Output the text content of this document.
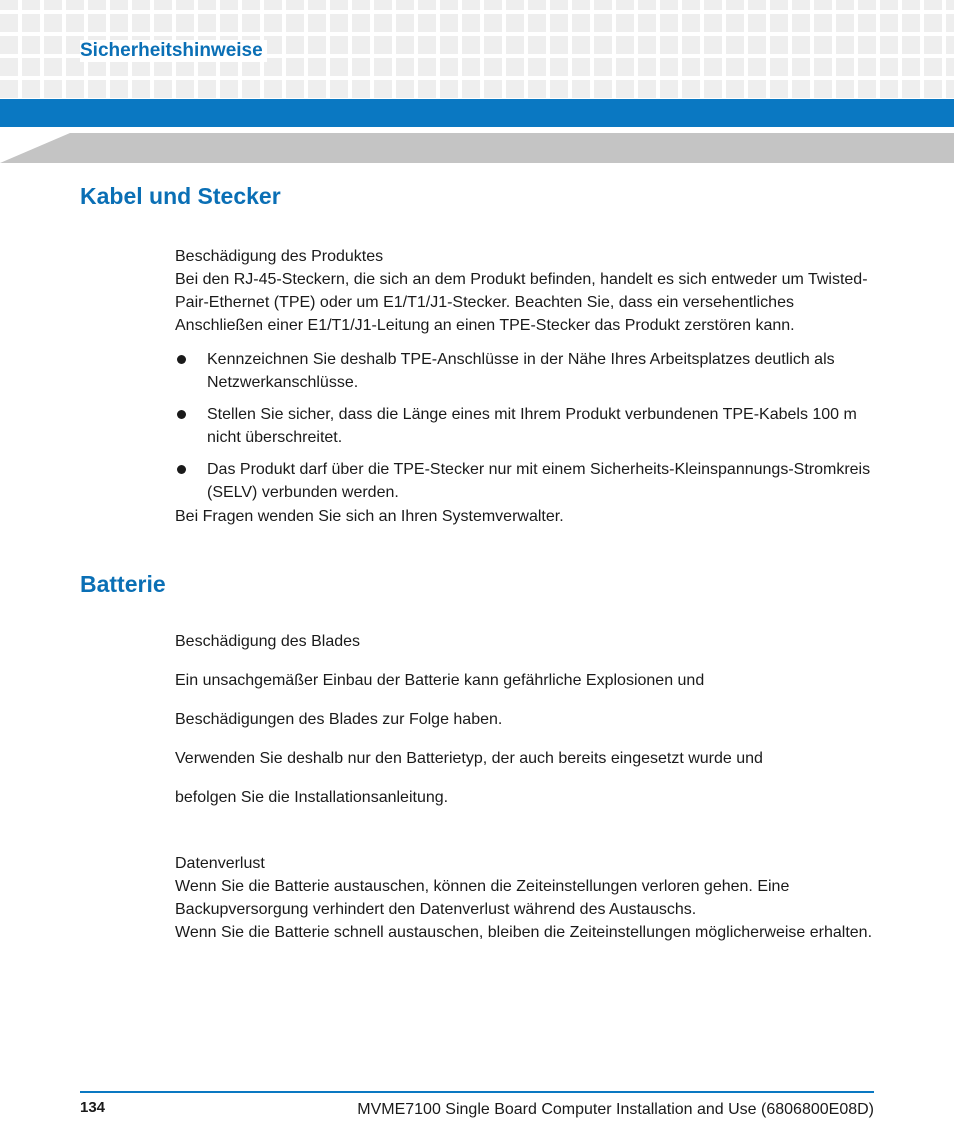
Sicherheitshinweise
Kabel und Stecker

Beschädigung des Produktes

Bei den RJ-45-Steckern, die sich an dem Produkt befinden, handelt es sich entweder um Twisted-Pair-Ethernet (TPE) oder um E1/T1/J1-Stecker. Beachten Sie, dass ein versehentliches Anschließen einer E1/T1/J1-Leitung an einen TPE-Stecker das Produkt zerstören kann.

Kennzeichnen Sie deshalb TPE-Anschlüsse in der Nähe Ihres Arbeitsplatzes deutlich als Netzwerkanschlüsse.
Stellen Sie sicher, dass die Länge eines mit Ihrem Produkt verbundenen TPE-Kabels 100 m nicht überschreitet.
Das Produkt darf über die TPE-Stecker nur mit einem Sicherheits-Kleinspannungs-Stromkreis (SELV) verbunden werden.
Bei Fragen wenden Sie sich an Ihren Systemverwalter.
Batterie
Beschädigung des Blades
Ein unsachgemäßer Einbau der Batterie kann gefährliche Explosionen und
Beschädigungen des Blades zur Folge haben.
Verwenden Sie deshalb nur den Batterietyp, der auch bereits eingesetzt wurde und
befolgen Sie die Installationsanleitung.

Datenverlust

Wenn Sie die Batterie austauschen, können die Zeiteinstellungen verloren gehen. Eine Backupversorgung verhindert den Datenverlust während des Austauschs.

Wenn Sie die Batterie schnell austauschen, bleiben die Zeiteinstellungen möglicherweise erhalten.

134	MVME7100 Single Board Computer Installation and Use (6806800E08D)
